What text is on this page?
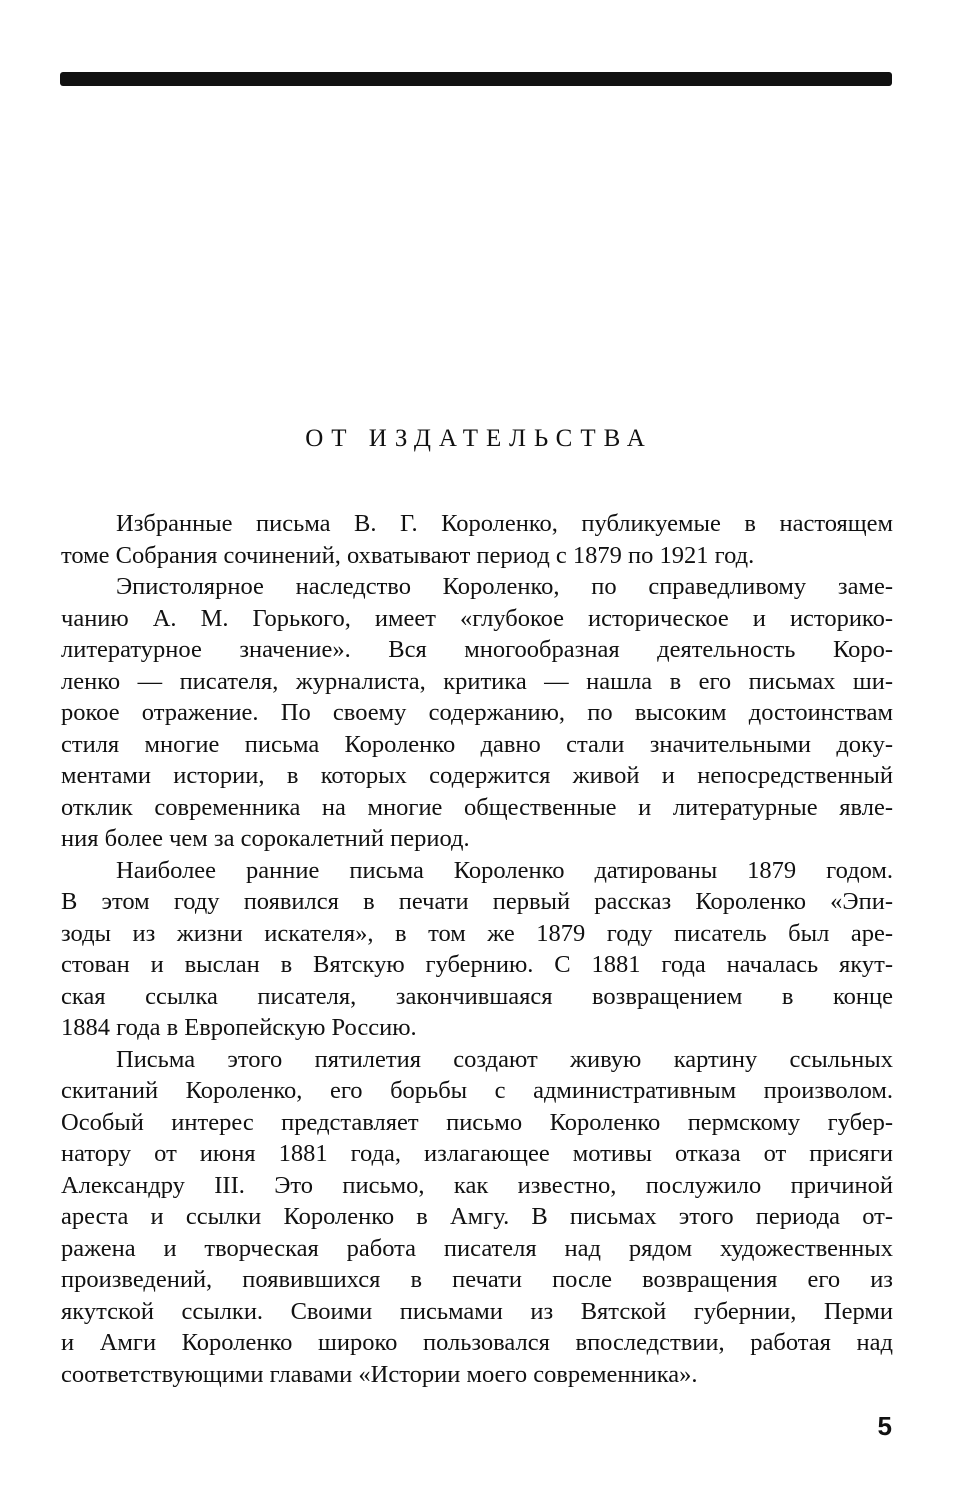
ОТ ИЗДАТЕЛЬСТВА
Избранные письма В. Г. Короленко, публикуемые в настоящем
томе Собрания сочинений, охватывают период с 1879 по 1921 год.
Эпистолярное наследство Короленко, по справедливому заме-
чанию А. М. Горького, имеет «глубокое историческое и историко-
литературное значение». Вся многообразная деятельность Коро-
ленко — писателя, журналиста, критика — нашла в его письмах ши-
рокое отражение. По своему содержанию, по высоким достоинствам
стиля многие письма Короленко давно стали значительными доку-
ментами истории, в которых содержится живой и непосредственный
отклик современника на многие общественные и литературные явле-
ния более чем за сорокалетний период.
Наиболее ранние письма Короленко датированы 1879 годом.
В этом году появился в печати первый рассказ Короленко «Эпи-
зоды из жизни искателя», в том же 1879 году писатель был аре-
стован и выслан в Вятскую губернию. С 1881 года началась якут-
ская ссылка писателя, закончившаяся возвращением в конце
1884 года в Европейскую Россию.
Письма этого пятилетия создают живую картину ссыльных
скитаний Короленко, его борьбы с административным произволом.
Особый интерес представляет письмо Короленко пермскому губер-
натору от июня 1881 года, излагающее мотивы отказа от присяги
Александру III. Это письмо, как известно, послужило причиной
ареста и ссылки Короленко в Амгу. В письмах этого периода от-
ражена и творческая работа писателя над рядом художественных
произведений, появившихся в печати после возвращения его из
якутской ссылки. Своими письмами из Вятской губернии, Перми
и Амги Короленко широко пользовался впоследствии, работая над
соответствующими главами «Истории моего современника».
5
